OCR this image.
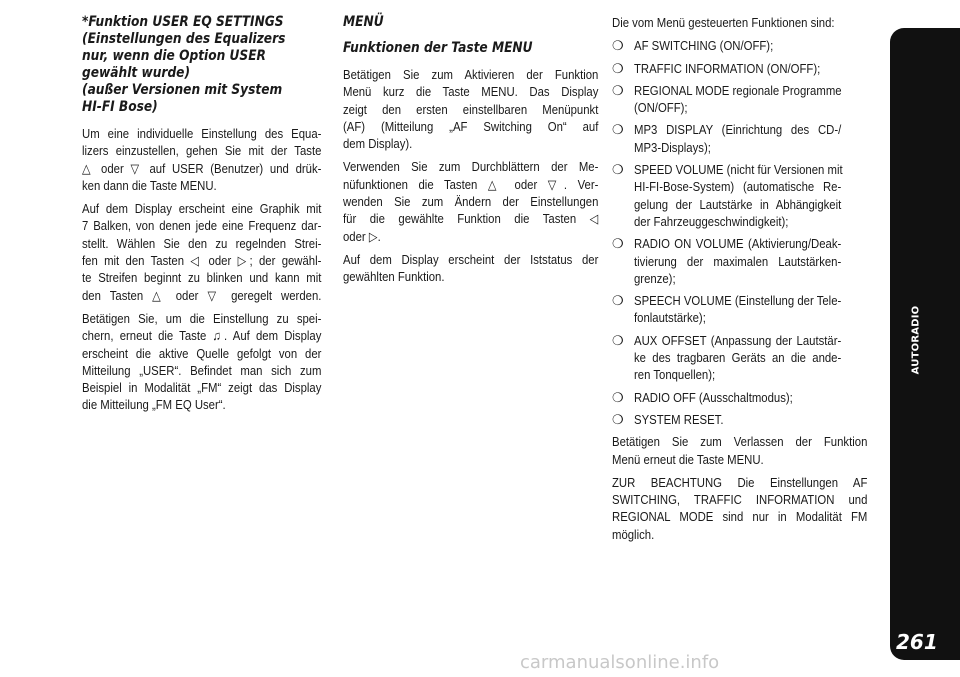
*Funktion USER EQ SETTINGS
(Einstellungen des Equalizers
nur, wenn die Option USER
gewählt wurde)
(außer Versionen mit System
HI-FI Bose)
Um eine individuelle Einstellung des Equa-
lizers einzustellen, gehen Sie mit der Taste
△ oder ▽ auf USER (Benutzer) und drük-
ken dann die Taste MENU.
Auf dem Display erscheint eine Graphik mit
7 Balken, von denen jede eine Frequenz dar-
stellt. Wählen Sie den zu regelnden Strei-
fen mit den Tasten ◁ oder ▷; der gewähl-
te Streifen beginnt zu blinken und kann mit
den Tasten △ oder ▽ geregelt werden.
Betätigen Sie, um die Einstellung zu spei-
chern, erneut die Taste ♫. Auf dem Display
erscheint die aktive Quelle gefolgt von der
Mitteilung „USER“. Befindet man sich zum
Beispiel in Modalität „FM“ zeigt das Display
die Mitteilung „FM EQ User“.
MENÜ
Funktionen der Taste MENU
Betätigen Sie zum Aktivieren der Funktion
Menü kurz die Taste MENU. Das Display
zeigt den ersten einstellbaren Menüpunkt
(AF) (Mitteilung „AF Switching On“ auf
dem Display).
Verwenden Sie zum Durchblättern der Me-
nüfunktionen die Tasten △ oder ▽. Ver-
wenden Sie zum Ändern der Einstellungen
für die gewählte Funktion die Tasten ◁
oder ▷.
Auf dem Display erscheint der Iststatus der
gewählten Funktion.
Die vom Menü gesteuerten Funktionen sind:
❍ AF SWITCHING (ON/OFF);
❍ TRAFFIC INFORMATION (ON/OFF);
❍ REGIONAL MODE regionale Programme
(ON/OFF);
❍ MP3 DISPLAY (Einrichtung des CD-/
MP3-Displays);
❍ SPEED VOLUME (nicht für Versionen mit
HI-FI-Bose-System) (automatische Re-
gelung der Lautstärke in Abhängigkeit
der Fahrzeuggeschwindigkeit);
❍ RADIO ON VOLUME (Aktivierung/Deak-
tivierung der maximalen Lautstärken-
grenze);
❍ SPEECH VOLUME (Einstellung der Tele-
fonlautstärke);
❍ AUX OFFSET (Anpassung der Lautstär-
ke des tragbaren Geräts an die ande-
ren Tonquellen);
❍ RADIO OFF (Ausschaltmodus);
❍ SYSTEM RESET.
Betätigen Sie zum Verlassen der Funktion
Menü erneut die Taste MENU.
ZUR BEACHTUNG Die Einstellungen AF
SWITCHING, TRAFFIC INFORMATION und
REGIONAL MODE sind nur in Modalität FM
möglich.
AUTORADIO
261
carmanualsonline.info
